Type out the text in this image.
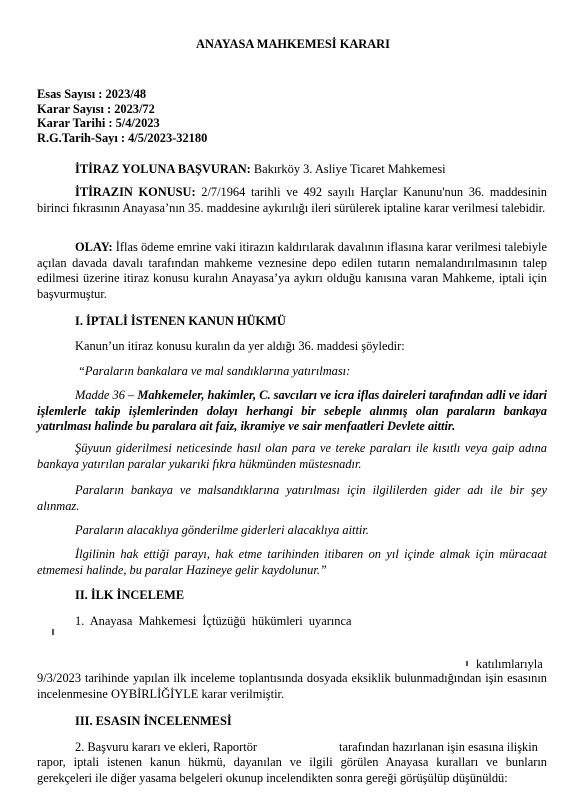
ANAYASA MAHKEMESİ KARARI
Esas Sayısı : 2023/48
Karar Sayısı : 2023/72
Karar Tarihi : 5/4/2023
R.G.Tarih-Sayı : 4/5/2023-32180
İTİRAZ YOLUNA BAŞVURAN: Bakırköy 3. Asliye Ticaret Mahkemesi
İTİRAZIN KONUSU: 2/7/1964 tarihli ve 492 sayılı Harçlar Kanunu'nun 36. maddesinin birinci fıkrasının Anayasa’nın 35. maddesine aykırılığı ileri sürülerek iptaline karar verilmesi talebidir.
OLAY: İflas ödeme emrine vaki itirazın kaldırılarak davalının iflasına karar verilmesi talebiyle açılan davada davalı tarafından mahkeme veznesine depo edilen tutarın nemalandırılmasının talep edilmesi üzerine itiraz konusu kuralın Anayasa’ya aykırı olduğu kanısına varan Mahkeme, iptali için başvurmuştur.
I. İPTALİ İSTENEN KANUN HÜKMÜ
Kanun’un itiraz konusu kuralın da yer aldığı 36. maddesi şöyledir:
“Paraların bankalara ve mal sandıklarına yatırılması:
Madde 36 – Mahkemeler, hakimler, C. savcıları ve icra iflas daireleri tarafından adli ve idari işlemlerle takip işlemlerinden dolayı herhangi bir sebeple alınmış olan paraların bankaya yatırılması halinde bu paralara ait faiz, ikramiye ve sair menfaatleri Devlete aittir.
Şüyuun giderilmesi neticesinde hasıl olan para ve tereke paraları ile kısıtlı veya gaip adına bankaya yatırılan paralar yukarıki fıkra hükmünden müstesnadır.
Paraların bankaya ve malsandıklarına yatırılması için ilgililerden gider adı ile bir şey alınmaz.
Paraların alacaklıya gönderilme giderleri alacaklıya aittir.
İlgilinin hak ettiği parayı, hak etme tarihinden itibaren on yıl içinde almak için müracaat etmemesi halinde, bu paralar Hazineye gelir kaydolunur.”
II. İLK İNCELEME
1. Anayasa Mahkemesi İçtüzüğü hükümleri uyarınca
katılımlarıyla
9/3/2023 tarihinde yapılan ilk inceleme toplantısında dosyada eksiklik bulunmadığından işin esasının incelenmesine OYBİRLİĞİYLE karar verilmiştir.
III. ESASIN İNCELENMESİ
2. Başvuru kararı ve ekleri, Raportör	tarafından hazırlanan işin esasına ilişkin
rapor, iptali istenen kanun hükmü, dayanılan ve ilgili görülen Anayasa kuralları ve bunların gerekçeleri ile diğer yasama belgeleri okunup incelendikten sonra gereği görüşülüp düşünüldü:
